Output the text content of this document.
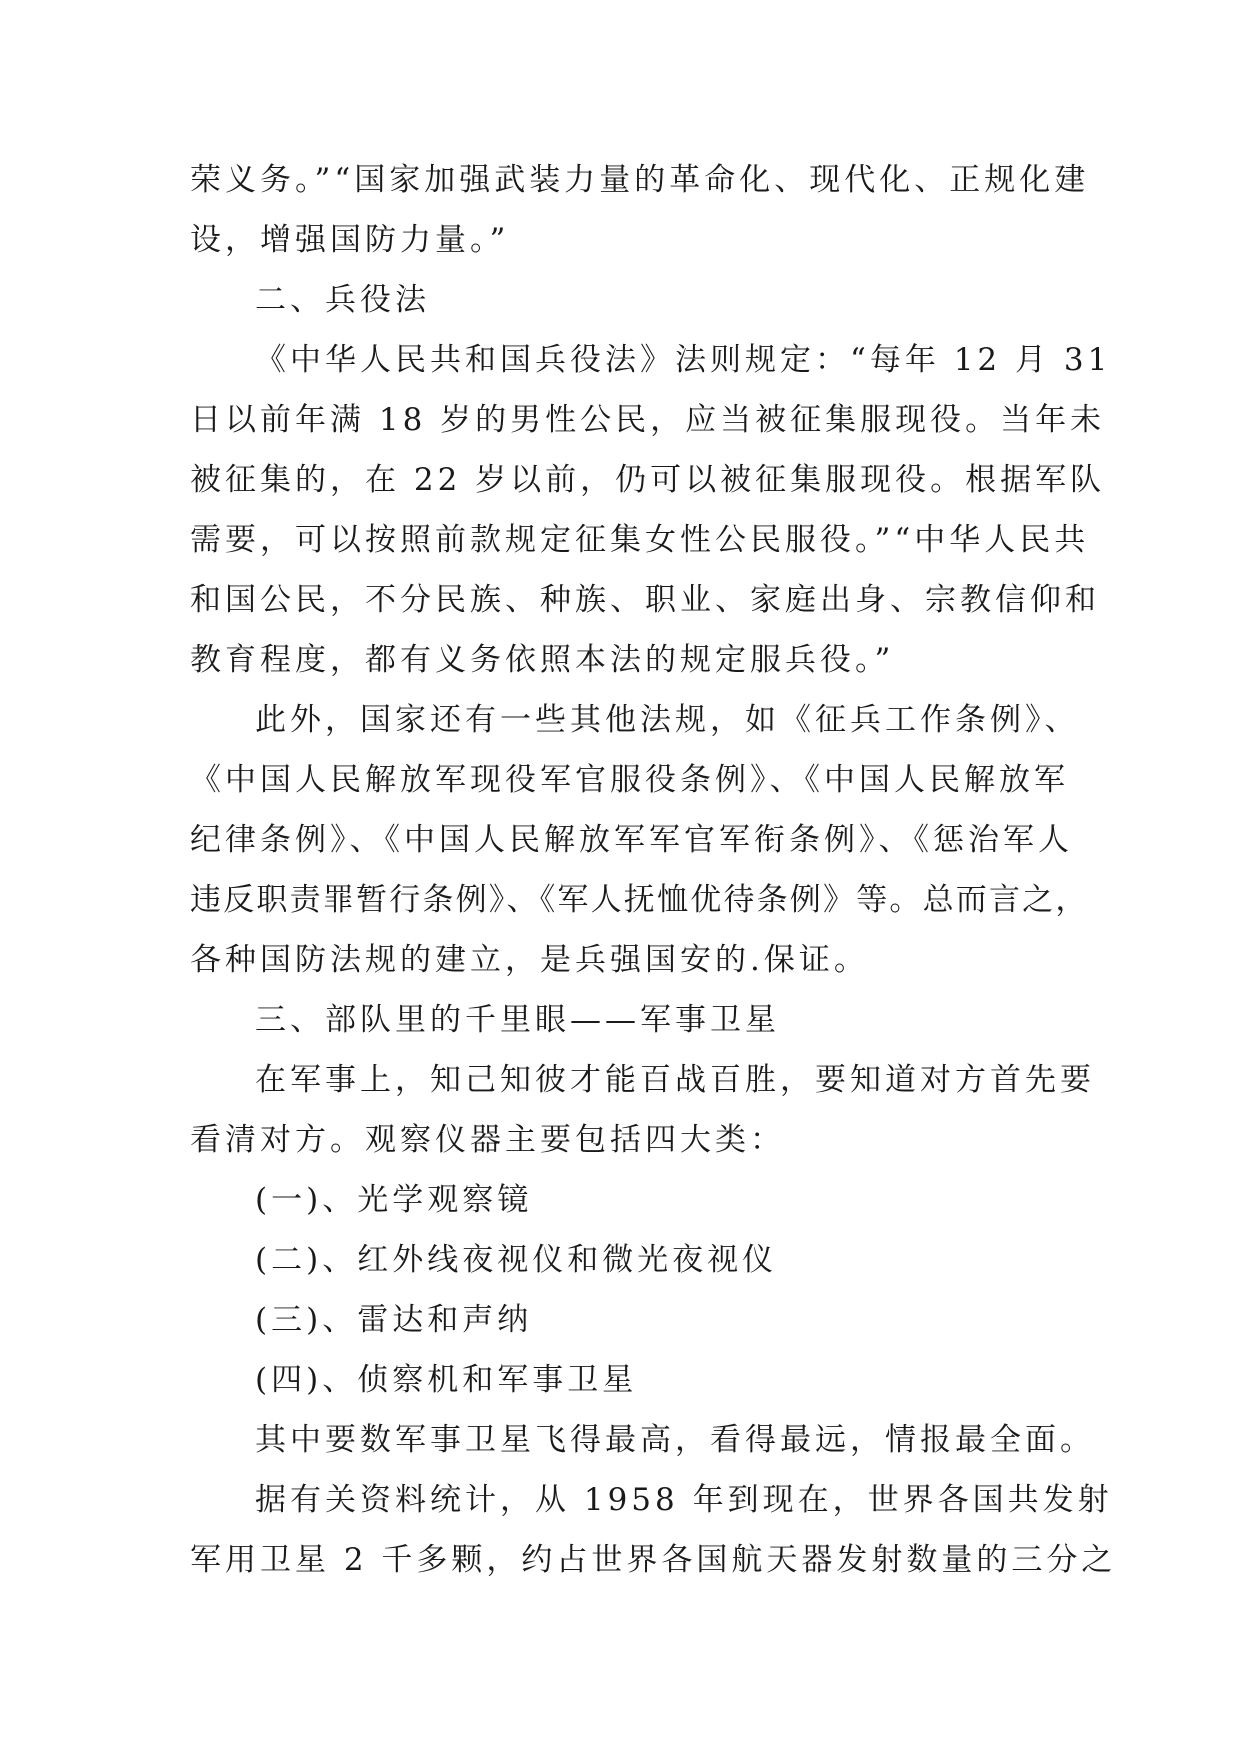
荣义务。”“国家加强武装力量的革命化、现代化、正规化建
设，增强国防力量。”
二、兵役法
《中华人民共和国兵役法》法则规定：“每年 12 月 31
日以前年满 18 岁的男性公民，应当被征集服现役。当年未
被征集的，在 22 岁以前，仍可以被征集服现役。根据军队
需要，可以按照前款规定征集女性公民服役。”“中华人民共
和国公民，不分民族、种族、职业、家庭出身、宗教信仰和
教育程度，都有义务依照本法的规定服兵役。”
此外，国家还有一些其他法规，如《征兵工作条例》、
《中国人民解放军现役军官服役条例》、《中国人民解放军
纪律条例》、《中国人民解放军军官军衔条例》、《惩治军人
违反职责罪暂行条例》、《军人抚恤优待条例》等。总而言之，
各种国防法规的建立，是兵强国安的.保证。
三、部队里的千里眼——军事卫星
在军事上，知己知彼才能百战百胜，要知道对方首先要
看清对方。观察仪器主要包括四大类：
(一)、光学观察镜
(二)、红外线夜视仪和微光夜视仪
(三)、雷达和声纳
(四)、侦察机和军事卫星
其中要数军事卫星飞得最高，看得最远，情报最全面。
据有关资料统计，从 1958 年到现在，世界各国共发射
军用卫星 2 千多颗，约占世界各国航天器发射数量的三分之
